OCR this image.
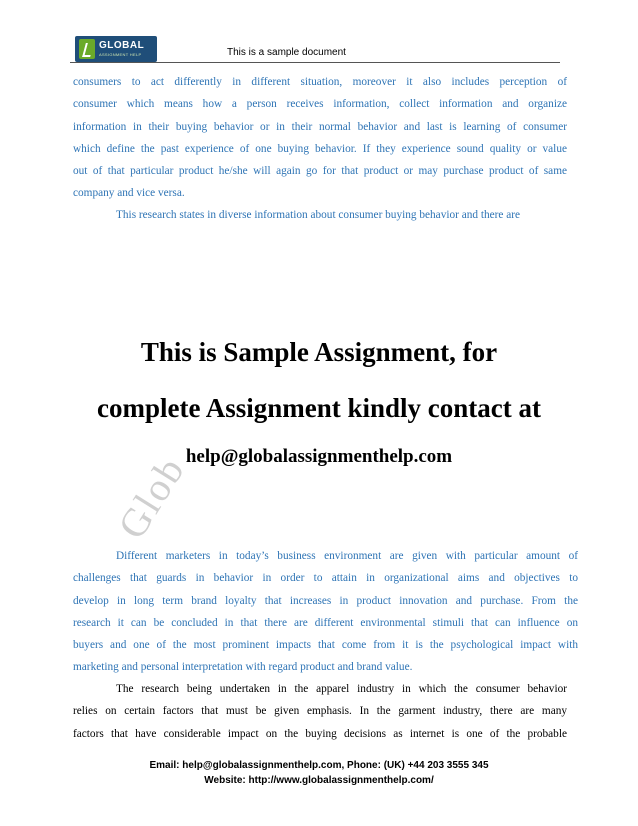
GLOBAL
ASSIGNMENT HELP	This is a sample document
consumers to act differently in different situation, moreover it also includes perception of
consumer which means how a person receives information, collect information and organize
information in their buying behavior or in their normal behavior and last is learning of consumer
which define the past experience of one buying behavior. If they experience sound quality or value
out of that particular product he/she will again go for that product or may purchase product of same
company and vice versa.
This research states in diverse information about consumer buying behavior and there are
This is Sample Assignment, for
complete Assignment kindly contact at
help@globalassignmenthelp.com
Glob
Different marketers in today’s business environment are given with particular amount of
challenges that guards in behavior in order to attain in organizational aims and objectives to
develop in long term brand loyalty that increases in product innovation and purchase. From the
research it can be concluded in that there are different environmental stimuli that can influence on
buyers and one of the most prominent impacts that come from it is the psychological impact with
marketing and personal interpretation with regard product and brand value.
The research being undertaken in the apparel industry in which the consumer behavior
relies on certain factors that must be given emphasis. In the garment industry, there are many
factors that have considerable impact on the buying decisions as internet is one of the probable
Email: help@globalassignmenthelp.com, Phone: (UK) +44 203 3555 345
Website: http://www.globalassignmenthelp.com/
